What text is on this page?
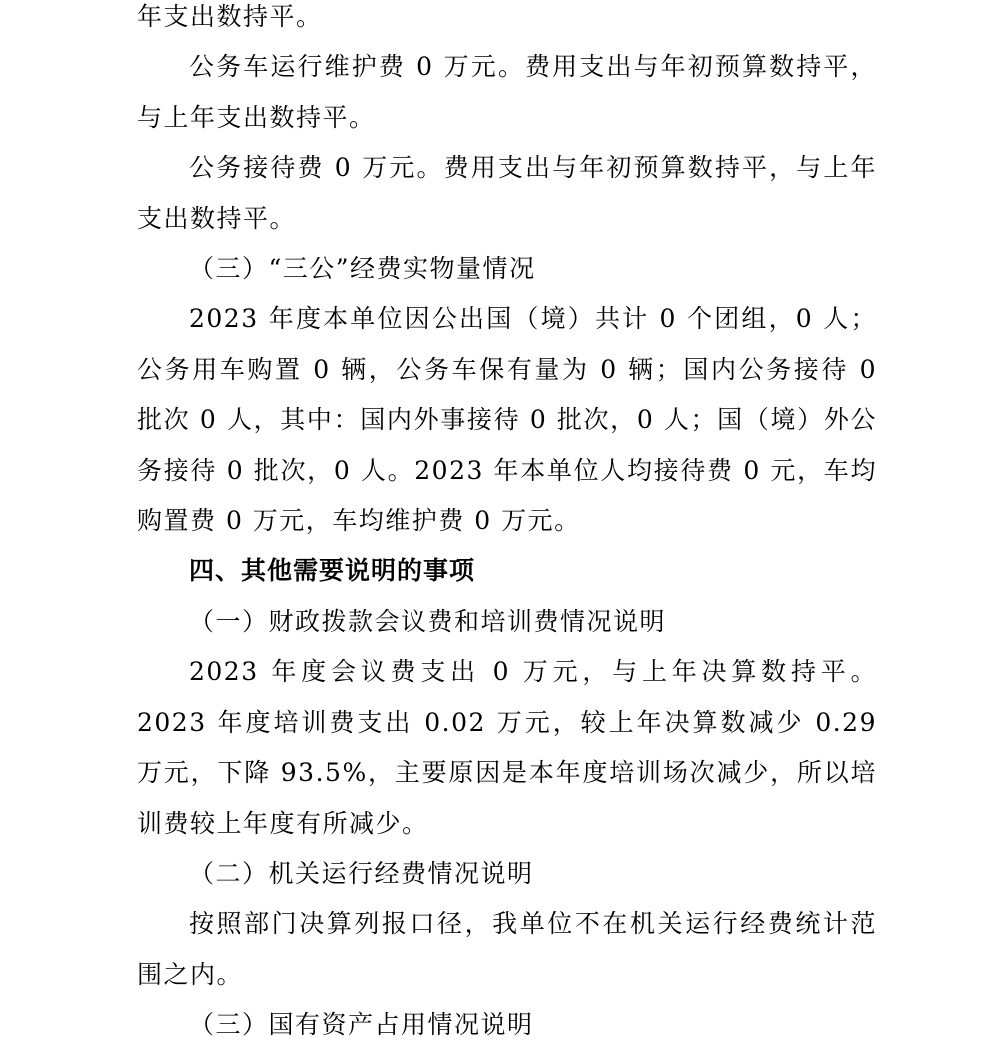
年支出数持平。

公务车运行维护费 0 万元。费用支出与年初预算数持平，与上年支出数持平。

公务接待费 0 万元。费用支出与年初预算数持平，与上年支出数持平。

（三）“三公”经费实物量情况

2023 年度本单位因公出国（境）共计 0 个团组，0 人；公务用车购置 0 辆，公务车保有量为 0 辆；国内公务接待 0 批次 0 人，其中：国内外事接待 0 批次，0 人；国（境）外公务接待 0 批次，0 人。2023 年本单位人均接待费 0 元，车均购置费 0 万元，车均维护费 0 万元。

四、其他需要说明的事项

（一）财政拨款会议费和培训费情况说明

2023 年度会议费支出 0 万元，与上年决算数持平。2023 年度培训费支出 0.02 万元，较上年决算数减少 0.29 万元，下降 93.5%，主要原因是本年度培训场次减少，所以培训费较上年度有所减少。

（二）机关运行经费情况说明

按照部门决算列报口径，我单位不在机关运行经费统计范围之内。

（三）国有资产占用情况说明
